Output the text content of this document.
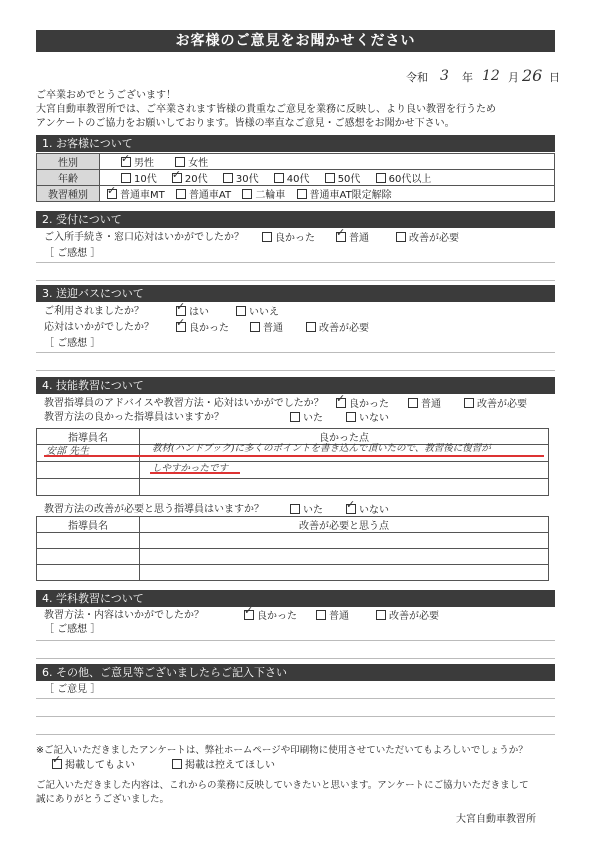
お客様のご意見をお聞かせください
令和 3 年 12 月 26 日
ご卒業おめでとうございます！
大宮自動車教習所では、ご卒業されます皆様の貴重なご意見を業務に反映し、より良い教習を行うため
アンケートのご協力をお願いしております。皆様の率直なご意見・ご感想をお聞かせ下さい。
1. お客様について
性別	✓男性 女性
年齢	10代 ✓ 20代 30代 40代 50代 60代以上
教習種別	✓普通車MT 普通車AT 二輪車 普通車AT限定解除
2. 受付について
ご入所手続き・窓口応対はいかがでしたか？	良かった ✓	普通	改善が必要
［ ご感想 ］
3. 送迎バスについて
ご利用されましたか？ ✓	はい	いいえ
応対はいかがでしたか？ ✓	良かった	普通	改善が必要
［ ご感想 ］
4. 技能教習について
教習指導員のアドバイスや教習方法・応対はいかがでしたか？ ✓	良かった	普通	改善が必要
教習方法の良かった指導員はいますか？	いた	いない
指導員名	良かった点

安部 先生	教材(ハンドブック)に多くのポイントを書き込んで頂いたので、教習後に復習が
しやすかったです
教習方法の改善が必要と思う指導員はいますか？	いた ✓	いない
指導員名	改善が必要と思う点

4. 学科教習について
教習方法・内容はいかがでしたか？ ✓	良かった	普通	改善が必要
［ ご感想 ］
6. その他、ご意見等ございましたらご記入下さい
［ ご意見 ］
※ご記入いただきましたアンケートは、弊社ホームページや印刷物に使用させていただいてもよろしいでしょうか？
✓掲載してもよい	掲載は控えてほしい
ご記入いただきました内容は、これからの業務に反映していきたいと思います。アンケートにご協力いただきまして
誠にありがとうございました。
大宮自動車教習所
